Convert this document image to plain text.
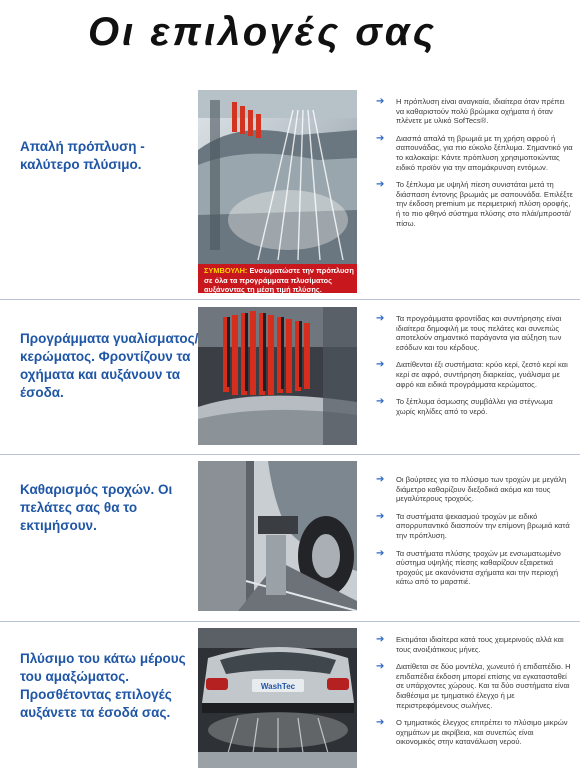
Οι επιλογές σας
Απαλή πρόπλυση - καλύτερο πλύσιμο.
ΣΥΜΒΟΥΛΗ: Ενσωματώστε την πρόπλυση σε όλα τα προγράμματα πλυσίματος αυξάνοντας τη μέση τιμή πλύσης.
➔ Η πρόπλυση είναι αναγκαία, ιδιαίτερα όταν πρέπει να καθαριστούν πολύ βρώμικα οχήματα ή όταν πλένετε με υλικό SofTecs®.
➔ Διασπά απαλά τη βρωμιά με τη χρήση αφρού ή σαπουνάδας, για πιο εύκολο ξέπλυμα. Σημαντικό για το καλοκαίρι: Κάντε πρόπλυση χρησιμοποιώντας ειδικό προϊόν για την απομάκρυνση εντόμων.
➔ Το ξέπλυμα με υψηλή πίεση συνιστάται μετά τη διάσπαση έντονης βρωμιάς με σαπουνάδα. Επιλέξτε την έκδοση premium με περιμετρική πλύση οροφής, ή το πιο φθηνό σύστημα πλύσης στο πλάι/μπροστά/πίσω.
Προγράμματα γυαλίσματος/κερώματος. Φροντίζουν τα οχήματα και αυξάνουν τα έσοδα.
➔ Τα προγράμματα φροντίδας και συντήρησης είναι ιδιαίτερα δημοφιλή με τους πελάτες και συνεπώς αποτελούν σημαντικό παράγοντα για αύξηση των εσόδων και του κέρδους.
➔ Διατίθενται έξι συστήματα: κρύο κερί, ζεστό κερί και κερί σε αφρό, συντήρηση διαρκείας, γυάλισμα με αφρό και ειδικά προγράμματα κερώματος.
➔ Το ξέπλυμα όσμωσης συμβάλλει για στέγνωμα χωρίς κηλίδες από το νερό.
Καθαρισμός τροχών. Οι πελάτες σας θα το εκτιμήσουν.
➔ Οι βούρτσες για το πλύσιμο των τροχών με μεγάλη διάμετρο καθαρίζουν διεξοδικά ακόμα και τους μεγαλύτερους τροχούς.
➔ Τα συστήματα ψεκασμού τροχών με ειδικό απορρυπαντικό διασπούν την επίμονη βρωμιά κατά την πρόπλυση.
➔ Τα συστήματα πλύσης τροχών με ενσωματωμένο σύστημα υψηλής πίεσης καθαρίζουν εξαιρετικά τροχούς με ακανόνιστα σχήματα και την περιοχή κάτω από το μαρσπιέ.
Πλύσιμο του κάτω μέρους του αμαξώματος. Προσθέτοντας επιλογές αυξάνετε τα έσοδά σας.
WashTec
➔ Εκτιμάται ιδιαίτερα κατά τους χειμερινούς αλλά και τους ανοιξιάτικους μήνες.
➔ Διατίθεται σε δύο μοντέλα, χωνευτό ή επιδαπέδιο. Η επιδαπέδια έκδοση μπορεί επίσης να εγκατασταθεί σε υπάρχοντες χώρους. Και τα δύο συστήματα είναι διαθέσιμα με τμηματικό έλεγχο ή με περιστρεφόμενους σωλήνες.
➔ Ο τμηματικός έλεγχος επιτρέπει το πλύσιμο μικρών οχημάτων με ακρίβεια, και συνεπώς είναι οικονομικός στην κατανάλωση νερού.
